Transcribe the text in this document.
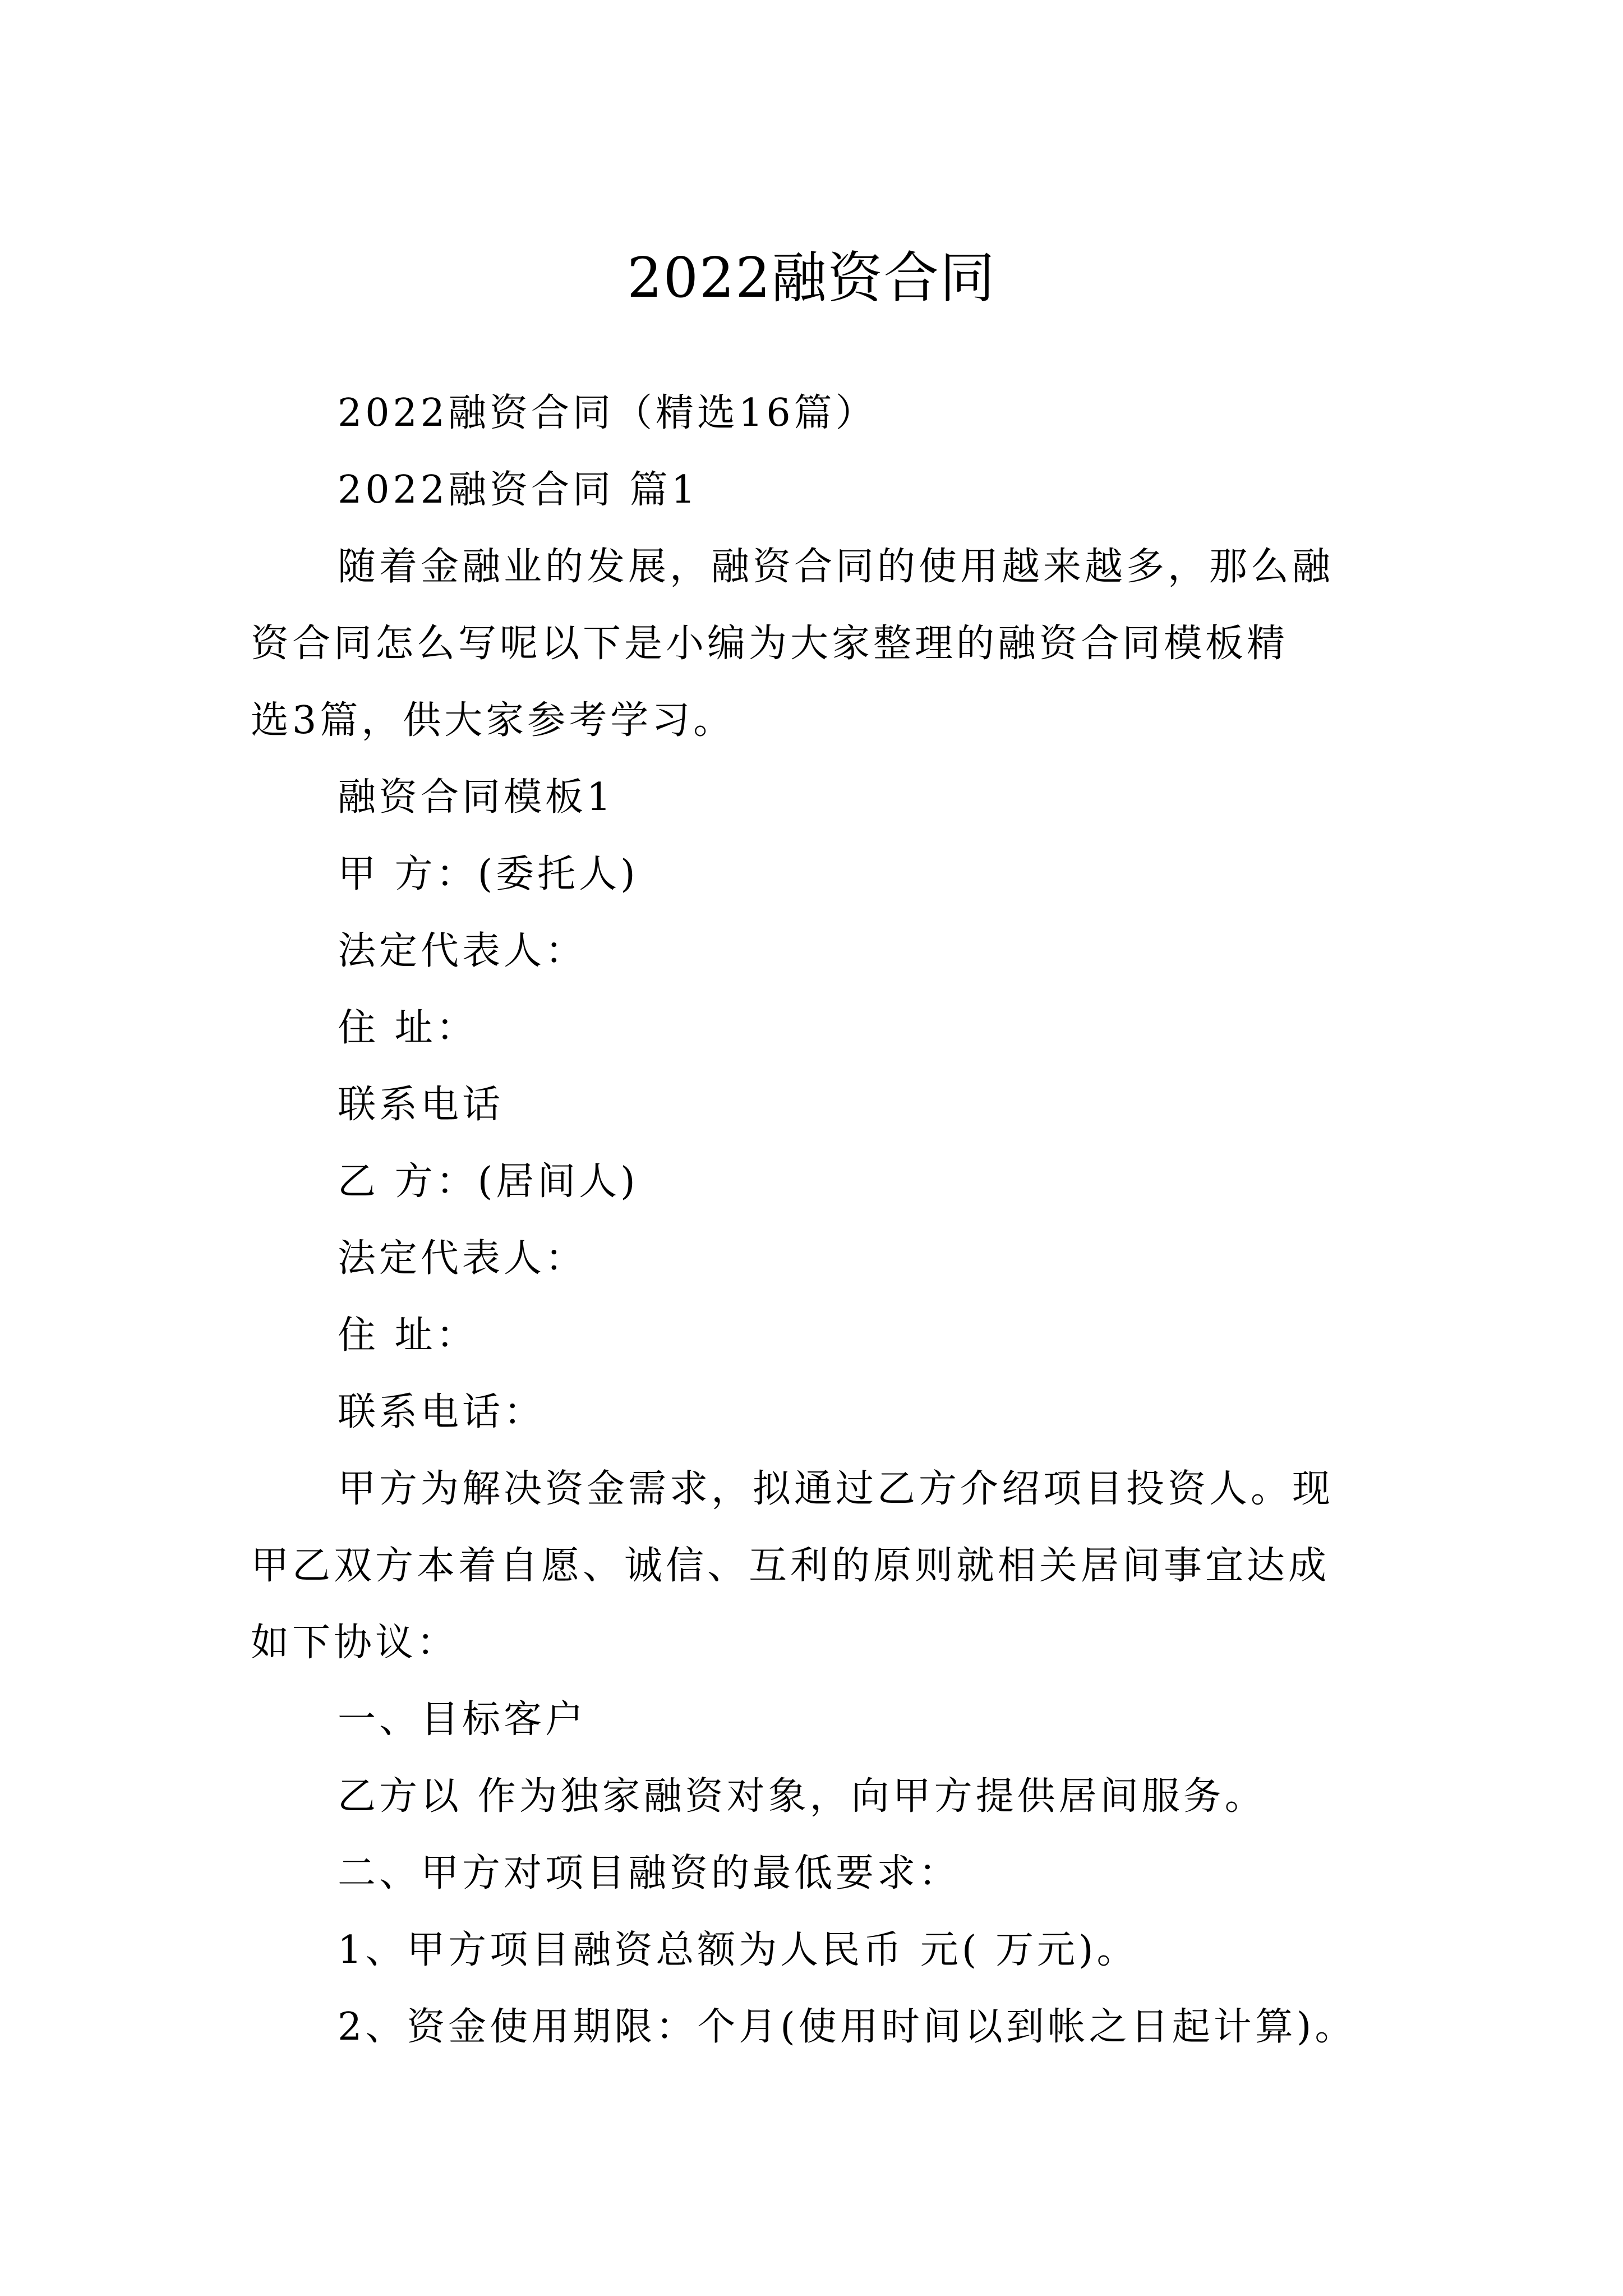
2022融资合同

2022融资合同（精选16篇）

2022融资合同 篇1

随着金融业的发展，融资合同的使用越来越多，那么融

资合同怎么写呢以下是小编为大家整理的融资合同模板精

选3篇，供大家参考学习。

融资合同模板1

甲 方：(委托人)

法定代表人：

住 址：

联系电话

乙 方：(居间人)

法定代表人：

住 址：

联系电话：

甲方为解决资金需求，拟通过乙方介绍项目投资人。现

甲乙双方本着自愿、诚信、互利的原则就相关居间事宜达成

如下协议：

一、目标客户

乙方以 作为独家融资对象，向甲方提供居间服务。

二、甲方对项目融资的最低要求：

1、甲方项目融资总额为人民币 元( 万元)。

2、资金使用期限：个月(使用时间以到帐之日起计算)。
